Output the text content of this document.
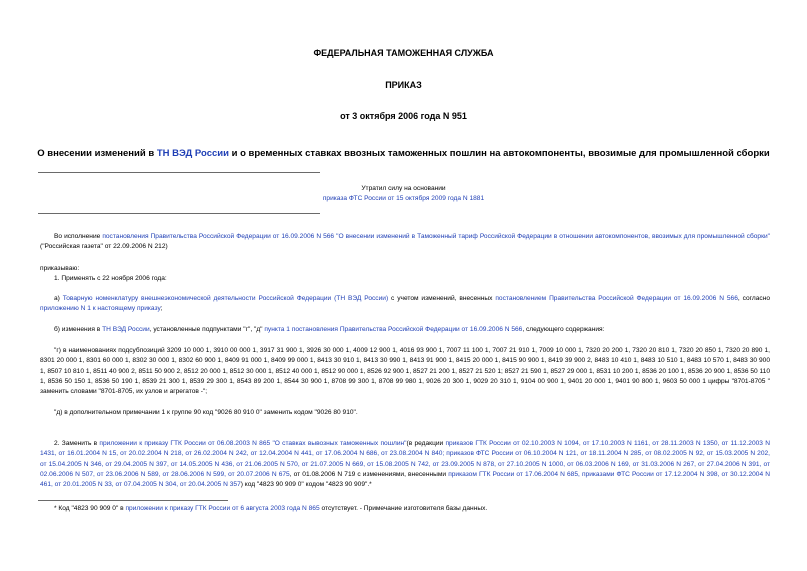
ФЕДЕРАЛЬНАЯ ТАМОЖЕННАЯ СЛУЖБА
ПРИКАЗ
от 3 октября 2006 года N 951
О внесении изменений в ТН ВЭД России и о временных ставках ввозных таможенных пошлин на автокомпоненты, ввозимые для промышленной сборки
Утратил силу на основании
приказа ФТС России от 15 октября 2009 года N 1881
Во исполнение постановления Правительства Российской Федерации от 16.09.2006 N 566 "О внесении изменений в Таможенный тариф Российской Федерации в отношении автокомпонентов, ввозимых для промышленной сборки" ("Российская газета" от 22.09.2006 N 212)
приказываю:
1. Применять с 22 ноября 2006 года:
а) Товарную номенклатуру внешнеэкономической деятельности Российской Федерации (ТН ВЭД России) с учетом изменений, внесенных постановлением Правительства Российской Федерации от 16.09.2006 N 566, согласно приложению N 1 к настоящему приказу;
б) изменения в ТН ВЭД России, установленные подпунктами "г", "д" пункта 1 постановления Правительства Российской Федерации от 16.09.2006 N 566, следующего содержания:
"г) в наименованиях подсубпозиций 3209 10 000 1, 3910 00 000 1, 3917 31 900 1, 3926 30 000 1, 4009 12 900 1, 4016 93 900 1, 7007 11 100 1, 7007 21 910 1, 7009 10 000 1, 7320 20 200 1, 7320 20 810 1, 7320 20 850 1, 7320 20 890 1, 8301 20 000 1, 8301 60 000 1, 8302 30 000 1, 8302 60 900 1, 8409 91 000 1, 8409 99 000 1, 8413 30 910 1, 8413 30 990 1, 8413 91 900 1, 8415 20 000 1, 8415 90 900 1, 8419 39 900 2, 8483 10 410 1, 8483 10 510 1, 8483 10 570 1, 8483 30 900 1, 8507 10 810 1, 8511 40 900 2, 8511 50 900 2, 8512 20 000 1, 8512 30 000 1, 8512 40 000 1, 8512 90 000 1, 8526 92 900 1, 8527 21 200 1, 8527 21 520 1; 8527 21 590 1, 8527 29 000 1, 8531 10 200 1, 8536 20 100 1, 8536 20 900 1, 8536 50 110 1, 8536 50 150 1, 8536 50 190 1, 8539 21 300 1, 8539 29 300 1, 8543 89 200 1, 8544 30 900 1, 8708 99 300 1, 8708 99 980 1, 9026 20 300 1, 9029 20 310 1, 9104 00 900 1, 9401 20 000 1, 9401 90 800 1, 9603 50 000 1 цифры "8701-8705 " заменить словами "8701-8705, их узлов и агрегатов -";
"д) в дополнительном примечании 1 к группе 90 код "9026 80 910 0" заменить кодом "9026 80 910".
2. Заменить в приложении к приказу ГТК России от 06.08.2003 N 865 "О ставках вывозных таможенных пошлин"(в редакции приказов ГТК России от 02.10.2003 N 1094, от 17.10.2003 N 1161, от 28.11.2003 N 1350, от 11.12.2003 N 1431, от 16.01.2004 N 15, от 20.02.2004 N 218, от 26.02.2004 N 242, от 12.04.2004 N 441, от 17.06.2004 N 686, от 23.08.2004 N 840; приказов ФТС России от 06.10.2004 N 121, от 18.11.2004 N 285, от 08.02.2005 N 92, от 15.03.2005 N 202, от 15.04.2005 N 346, от 29.04.2005 N 397, от 14.05.2005 N 436, от 21.06.2005 N 570, от 21.07.2005 N 669, от 15.08.2005 N 742, от 23.09.2005 N 878, от 27.10.2005 N 1000, от 06.03.2006 N 169, от 31.03.2006 N 267, от 27.04.2006 N 391, от 02.06.2006 N 507, от 23.06.2006 N 589, от 28.06.2006 N 599, от 20.07.2006 N 675, от 01.08.2006 N 719 с изменениями, внесенными приказом ГТК России от 17.06.2004 N 685, приказами ФТС России от 17.12.2004 N 398, от 30.12.2004 N 461, от 20.01.2005 N 33, от 07.04.2005 N 304, от 20.04.2005 N 357) код "4823 90 909 0" кодом "4823 90 909".*
* Код "4823 90 909 0" в приложении к приказу ГТК России от 6 августа 2003 года N 865 отсутствует. - Примечание изготовителя базы данных.
